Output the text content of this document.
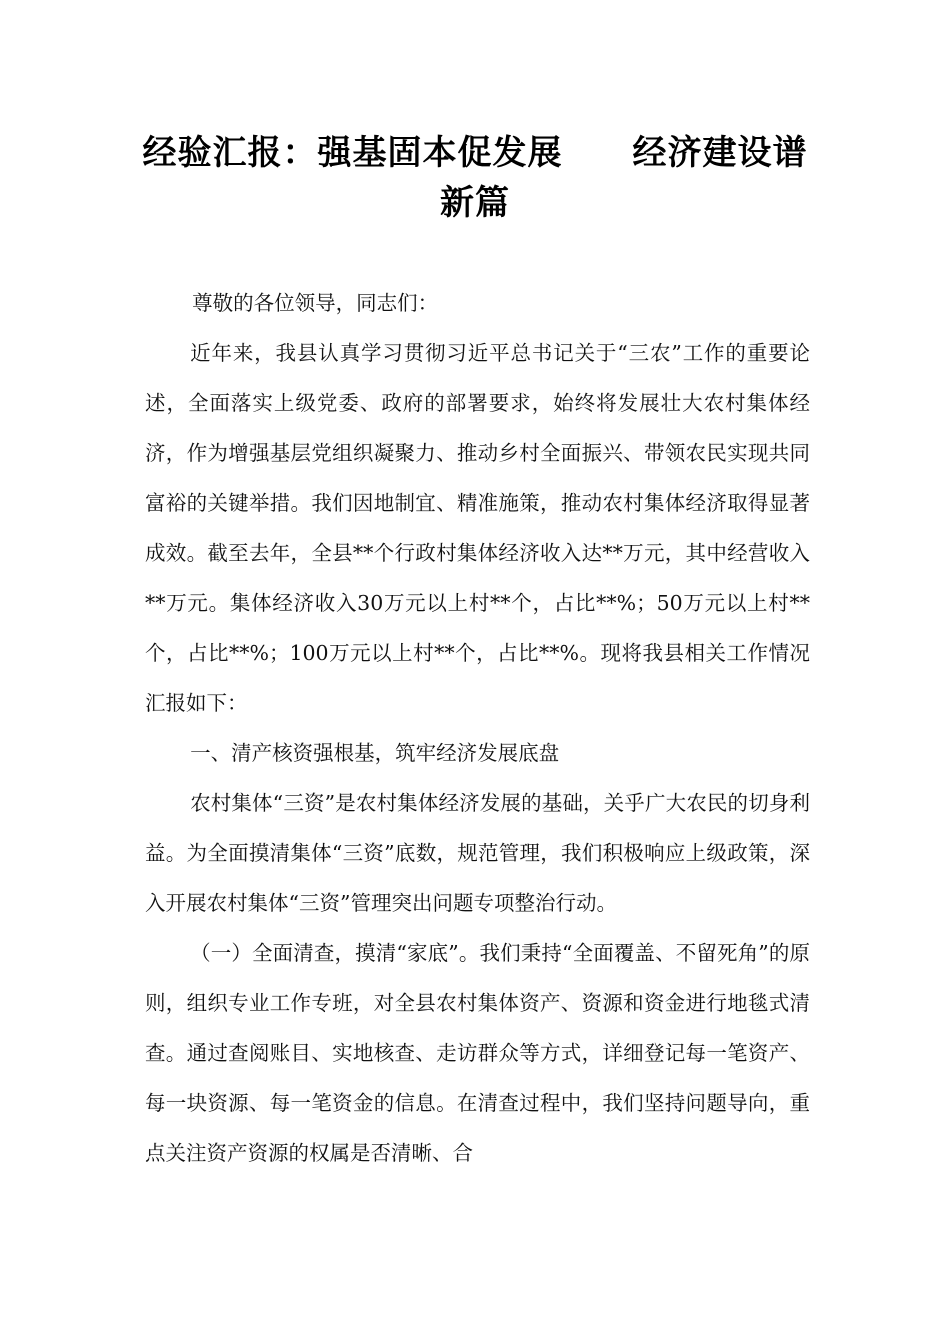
经验汇报：强基固本促发展　　经济建设谱
新篇

尊敬的各位领导，同志们：

近年来，我县认真学习贯彻习近平总书记关于“三农”工作的重要论述，全面落实上级党委、政府的部署要求，始终将发展壮大农村集体经济，作为增强基层党组织凝聚力、推动乡村全面振兴、带领农民实现共同富裕的关键举措。我们因地制宜、精准施策，推动农村集体经济取得显著成效。截至去年，全县**个行政村集体经济收入达**万元，其中经营收入**万元。集体经济收入30万元以上村**个，占比**%；50万元以上村**个，占比**%；100万元以上村**个，占比**%。现将我县相关工作情况汇报如下：

一、清产核资强根基，筑牢经济发展底盘

农村集体“三资”是农村集体经济发展的基础，关乎广大农民的切身利益。为全面摸清集体“三资”底数，规范管理，我们积极响应上级政策，深入开展农村集体“三资”管理突出问题专项整治行动。

（一）全面清查，摸清“家底”。我们秉持“全面覆盖、不留死角”的原则，组织专业工作专班，对全县农村集体资产、资源和资金进行地毯式清查。通过查阅账目、实地核查、走访群众等方式，详细登记每一笔资产、每一块资源、每一笔资金的信息。在清查过程中，我们坚持问题导向，重点关注资产资源的权属是否清晰、合
